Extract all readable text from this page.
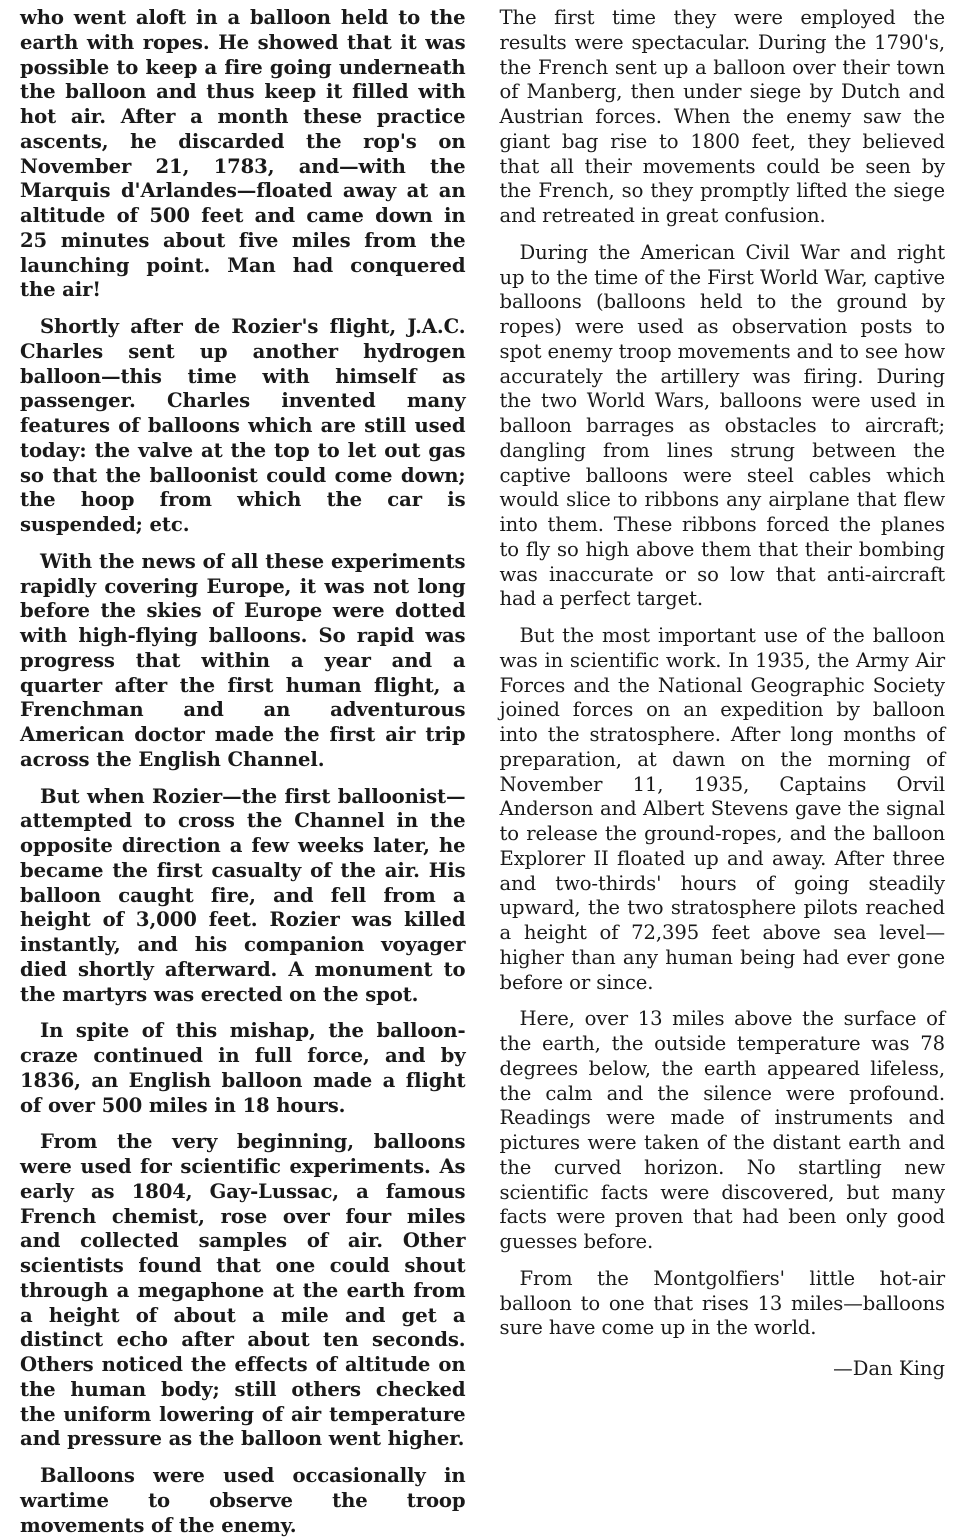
who went aloft in a balloon held to the earth with ropes. He showed that it was possible to keep a fire going underneath the balloon and thus keep it filled with hot air. After a month these practice ascents, he discarded the rop's on November 21, 1783, and—with the Marquis d'Arlandes—floated away at an altitude of 500 feet and came down in 25 minutes about five miles from the launching point. Man had conquered the air!

Shortly after de Rozier's flight, J.A.C. Charles sent up another hydrogen balloon—this time with himself as passenger. Charles invented many features of balloons which are still used today: the valve at the top to let out gas so that the balloonist could come down; the hoop from which the car is suspended; etc.

With the news of all these experiments rapidly covering Europe, it was not long before the skies of Europe were dotted with high-flying balloons. So rapid was progress that within a year and a quarter after the first human flight, a Frenchman and an adventurous American doctor made the first air trip across the English Channel.

But when Rozier—the first balloonist—attempted to cross the Channel in the opposite direction a few weeks later, he became the first casualty of the air. His balloon caught fire, and fell from a height of 3,000 feet. Rozier was killed instantly, and his companion voyager died shortly afterward. A monument to the martyrs was erected on the spot.

In spite of this mishap, the balloon-craze continued in full force, and by 1836, an English balloon made a flight of over 500 miles in 18 hours.

From the very beginning, balloons were used for scientific experiments. As early as 1804, Gay-Lussac, a famous French chemist, rose over four miles and collected samples of air. Other scientists found that one could shout through a megaphone at the earth from a height of about a mile and get a distinct echo after about ten seconds. Others noticed the effects of altitude on the human body; still others checked the uniform lowering of air temperature and pressure as the balloon went higher.

Balloons were used occasionally in wartime to observe the troop movements of the enemy.

The first time they were employed the results were spectacular. During the 1790's, the French sent up a balloon over their town of Manberg, then under siege by Dutch and Austrian forces. When the enemy saw the giant bag rise to 1800 feet, they believed that all their movements could be seen by the French, so they promptly lifted the siege and retreated in great confusion.

During the American Civil War and right up to the time of the First World War, captive balloons (balloons held to the ground by ropes) were used as observation posts to spot enemy troop movements and to see how accurately the artillery was firing. During the two World Wars, balloons were used in balloon barrages as obstacles to aircraft; dangling from lines strung between the captive balloons were steel cables which would slice to ribbons any airplane that flew into them. These ribbons forced the planes to fly so high above them that their bombing was inaccurate or so low that anti-aircraft had a perfect target.

But the most important use of the balloon was in scientific work. In 1935, the Army Air Forces and the National Geographic Society joined forces on an expedition by balloon into the stratosphere. After long months of preparation, at dawn on the morning of November 11, 1935, Captains Orvil Anderson and Albert Stevens gave the signal to release the ground-ropes, and the balloon Explorer II floated up and away. After three and two-thirds' hours of going steadily upward, the two stratosphere pilots reached a height of 72,395 feet above sea level—higher than any human being had ever gone before or since.

Here, over 13 miles above the surface of the earth, the outside temperature was 78 degrees below, the earth appeared lifeless, the calm and the silence were profound. Readings were made of instruments and pictures were taken of the distant earth and the curved horizon. No startling new scientific facts were discovered, but many facts were proven that had been only good guesses before.

From the Montgolfiers' little hot-air balloon to one that rises 13 miles—balloons sure have come up in the world.

—Dan King
